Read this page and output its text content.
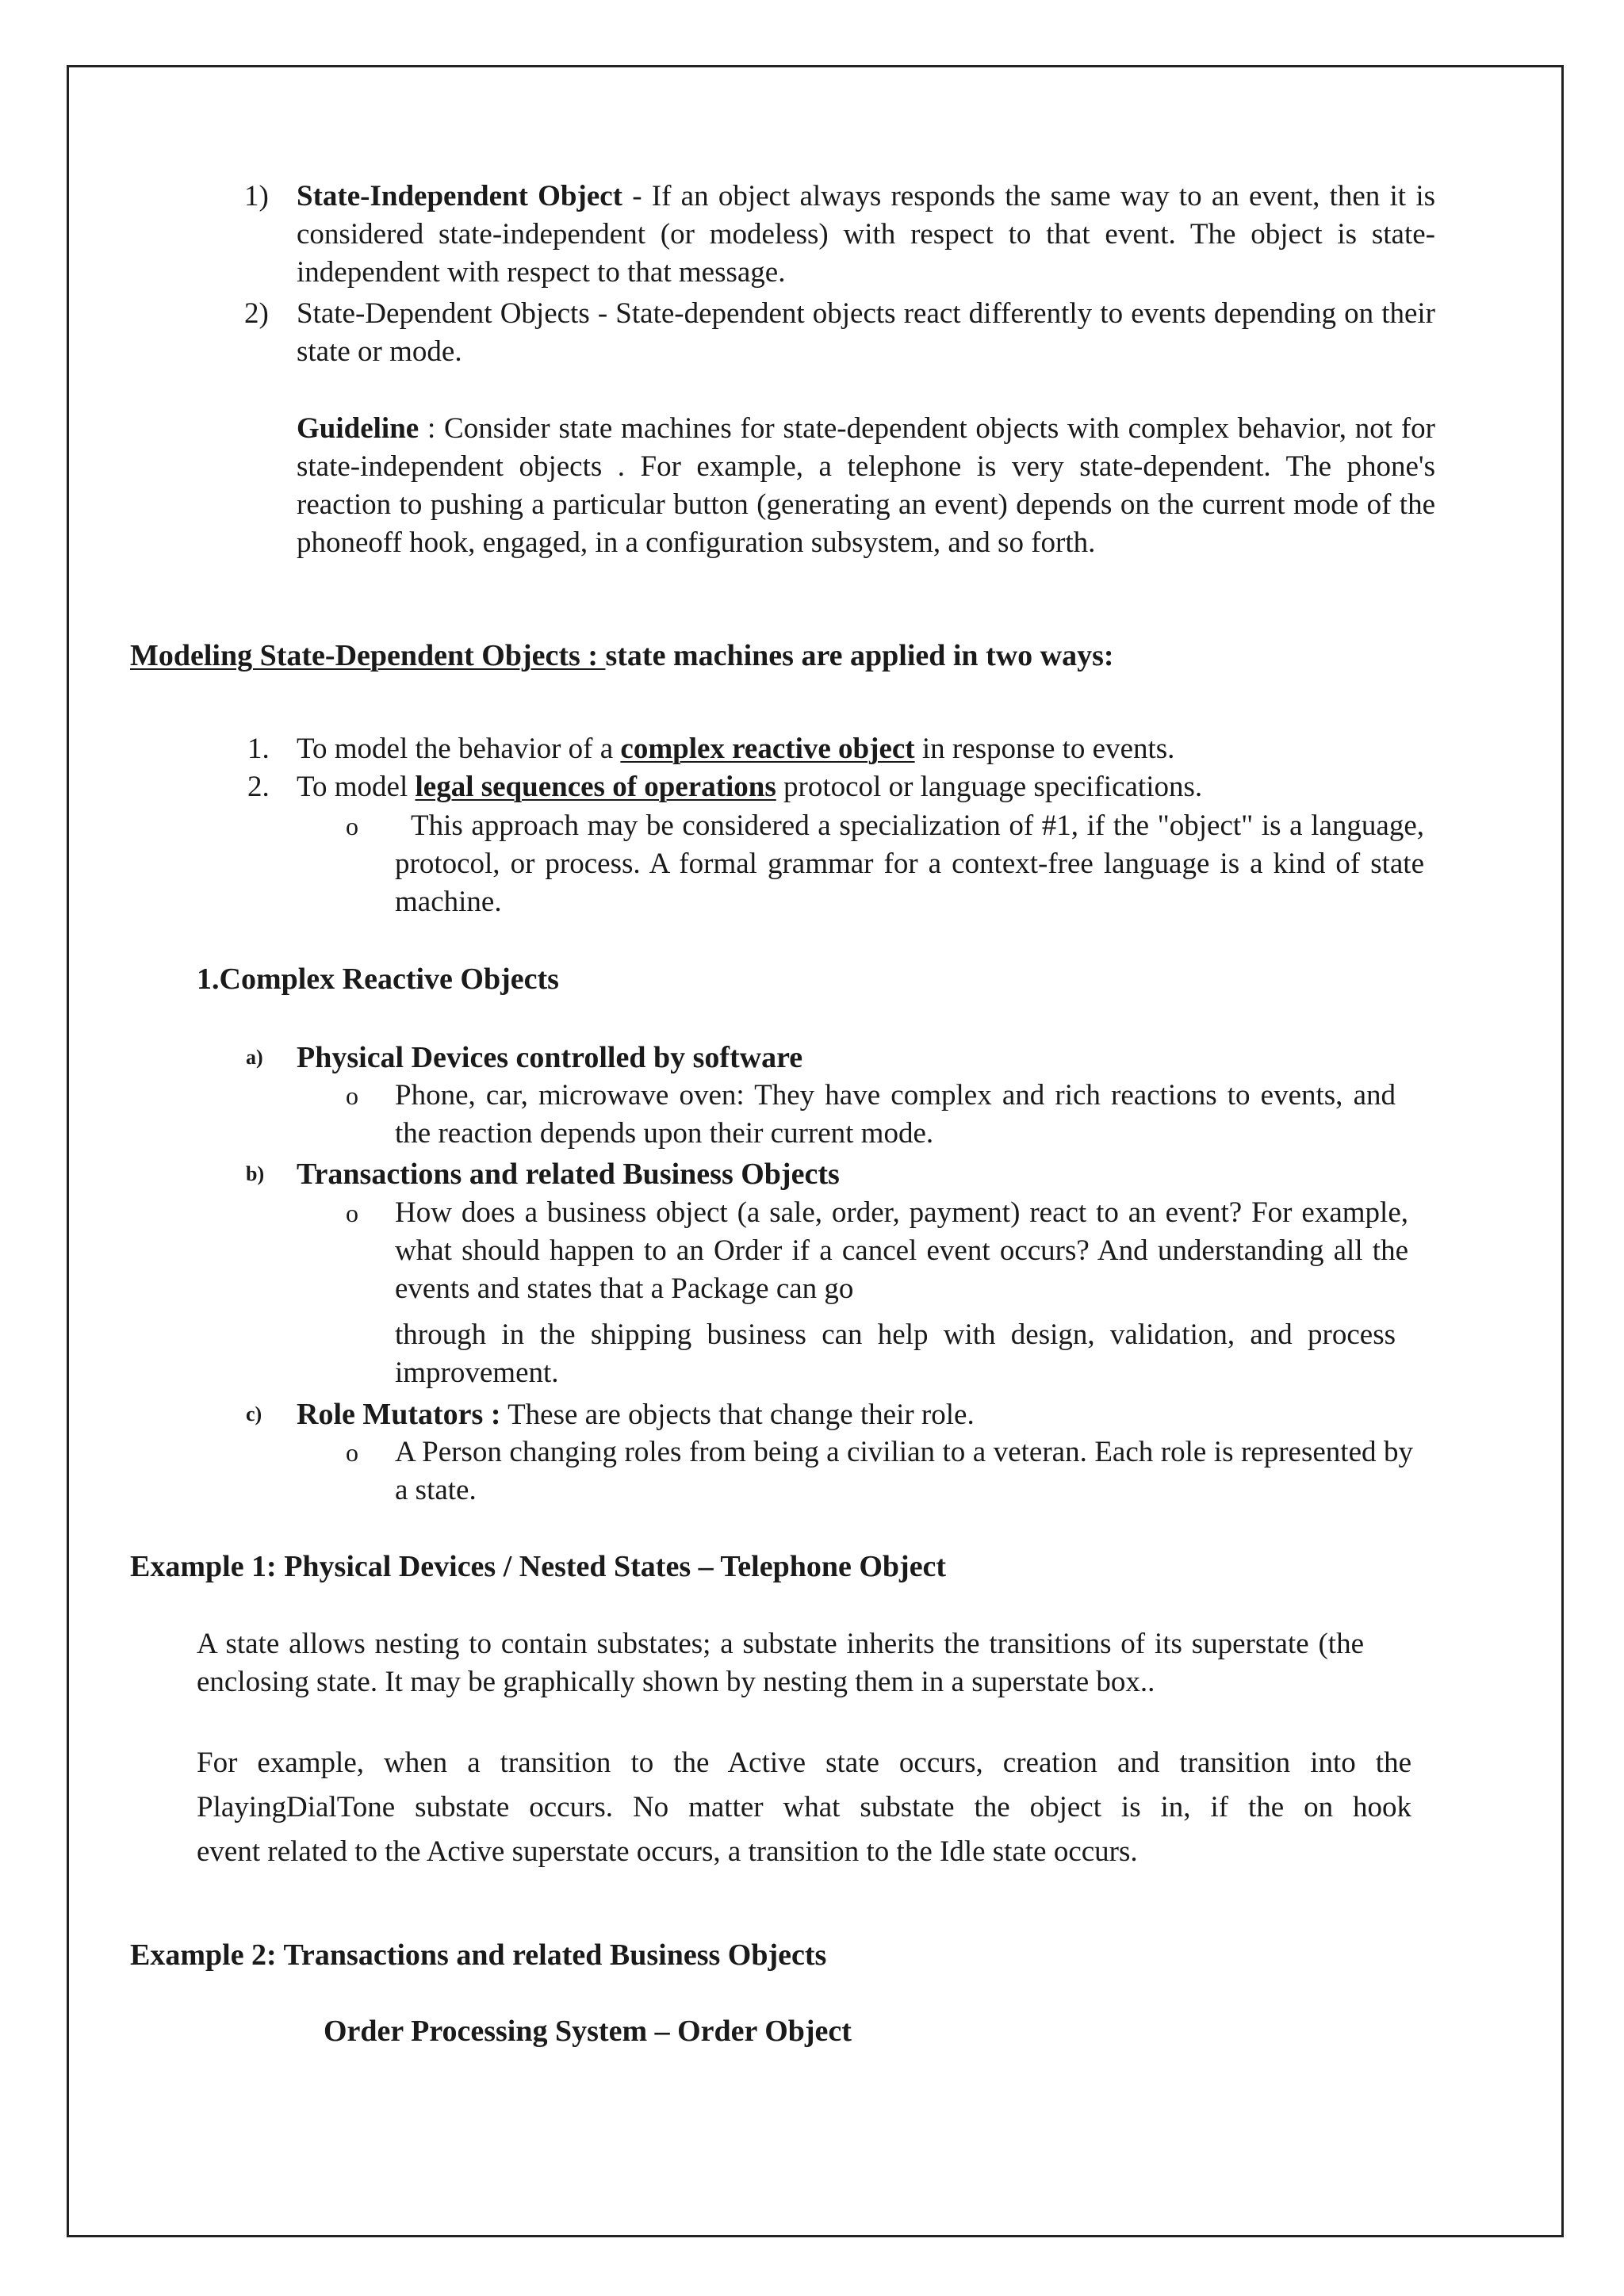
1) State-Independent Object - If an object always responds the same way to an event, then it is considered state-independent (or modeless) with respect to that event. The object is state-independent with respect to that message.
2) State-Dependent Objects - State-dependent objects react differently to events depending on their state or mode.
Guideline : Consider state machines for state-dependent objects with complex behavior, not for state-independent objects . For example, a telephone is very state-dependent. The phone's reaction to pushing a particular button (generating an event) depends on the current mode of the phoneoff hook, engaged, in a configuration subsystem, and so forth.
Modeling State-Dependent Objects : state machines are applied in two ways:
1. To model the behavior of a complex reactive object in response to events.
2. To model legal sequences of operations protocol or language specifications.
o	This approach may be considered a specialization of #1, if the "object" is a language, protocol, or process. A formal grammar for a context-free language is a kind of state machine.
1.Complex Reactive Objects
a) Physical Devices controlled by software
o Phone, car, microwave oven: They have complex and rich reactions to events, and the reaction depends upon their current mode.
b) Transactions and related Business Objects
o How does a business object (a sale, order, payment) react to an event? For example, what should happen to an Order if a cancel event occurs? And understanding all the events and states that a Package can go
through in the shipping business can help with design, validation, and process improvement.
c) Role Mutators : These are objects that change their role.
o A Person changing roles from being a civilian to a veteran. Each role is represented by a state.
Example 1: Physical Devices / Nested States – Telephone Object
A state allows nesting to contain substates; a substate inherits the transitions of its superstate (the enclosing state. It may be graphically shown by nesting them in a superstate box..
For example, when a transition to the Active state occurs, creation and transition into the
PlayingDialTone substate occurs. No matter what substate the object is in, if the on hook
event related to the Active superstate occurs, a transition to the Idle state occurs.
Example 2: Transactions and related Business Objects
Order Processing System – Order Object
